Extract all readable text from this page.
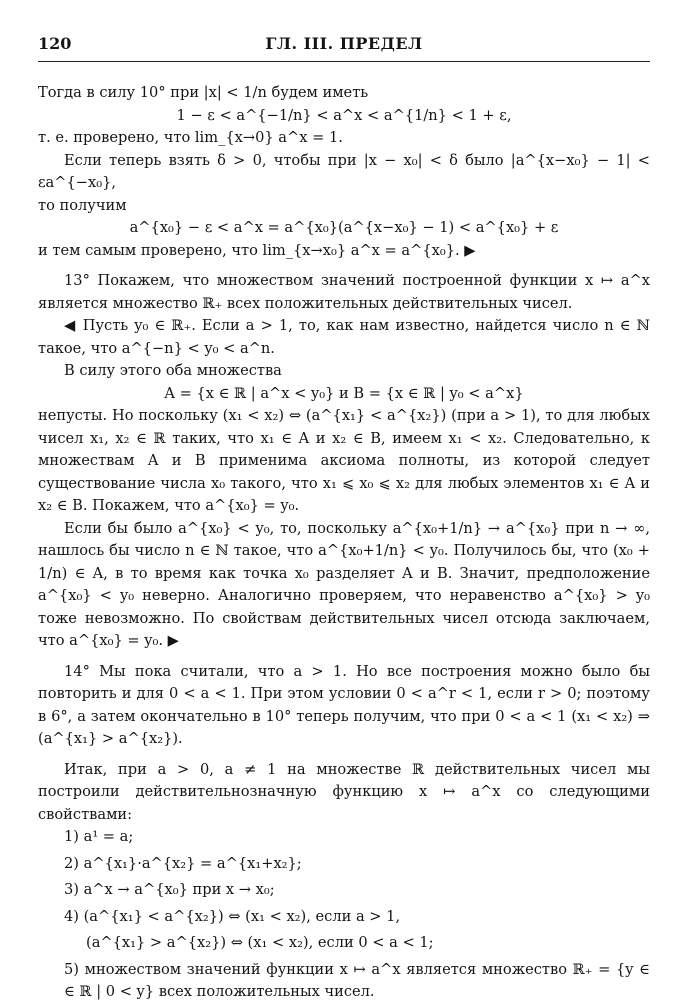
120	ГЛ. III. ПРЕДЕЛ

Тогда в силу 10° при |x| < 1/n будем иметь

1 − ε < a^{−1/n} < a^x < a^{1/n} < 1 + ε,

т. е. проверено, что lim_{x→0} a^x = 1.

Если теперь взять δ > 0, чтобы при |x − x₀| < δ было |a^{x−x₀} − 1| < εa^{−x₀},

то получим

a^{x₀} − ε < a^x = a^{x₀}(a^{x−x₀} − 1) < a^{x₀} + ε

и тем самым проверено, что lim_{x→x₀} a^x = a^{x₀}. ▶

13° Покажем, что множеством значений построенной функции x ↦ a^x является множество ℝ₊ всех положительных действительных чисел.

◀ Пусть y₀ ∈ ℝ₊. Если a > 1, то, как нам известно, найдется число n ∈ ℕ такое, что a^{−n} < y₀ < a^n.

В силу этого оба множества

A = {x ∈ ℝ | a^x < y₀} и B = {x ∈ ℝ | y₀ < a^x}

непусты. Но поскольку (x₁ < x₂) ⇔ (a^{x₁} < a^{x₂}) (при a > 1), то для любых чисел x₁, x₂ ∈ ℝ таких, что x₁ ∈ A и x₂ ∈ B, имеем x₁ < x₂. Следовательно, к множествам A и B применима аксиома полноты, из которой следует существование числа x₀ такого, что x₁ ⩽ x₀ ⩽ x₂ для любых элементов x₁ ∈ A и x₂ ∈ B. Покажем, что a^{x₀} = y₀.

Если бы было a^{x₀} < y₀, то, поскольку a^{x₀+1/n} → a^{x₀} при n → ∞, нашлось бы число n ∈ ℕ такое, что a^{x₀+1/n} < y₀. Получилось бы, что (x₀ + 1/n) ∈ A, в то время как точка x₀ разделяет A и B. Значит, предположение a^{x₀} < y₀ неверно. Аналогично проверяем, что неравенство a^{x₀} > y₀ тоже невозможно. По свойствам действительных чисел отсюда заключаем, что a^{x₀} = y₀. ▶

14° Мы пока считали, что a > 1. Но все построения можно было бы повторить и для 0 < a < 1. При этом условии 0 < a^r < 1, если r > 0; поэтому в 6°, а затем окончательно в 10° теперь получим, что при 0 < a < 1 (x₁ < x₂) ⇒ (a^{x₁} > a^{x₂}).

Итак, при a > 0, a ≠ 1 на множестве ℝ действительных чисел мы построили действительнозначную функцию x ↦ a^x со следующими свойствами:

1) a¹ = a;

2) a^{x₁}·a^{x₂} = a^{x₁+x₂};

3) a^x → a^{x₀} при x → x₀;

4) (a^{x₁} < a^{x₂}) ⇔ (x₁ < x₂), если a > 1,

(a^{x₁} > a^{x₂}) ⇔ (x₁ < x₂), если 0 < a < 1;

5) множеством значений функции x ↦ a^x является множество ℝ₊ = {y ∈ ∈ ℝ | 0 < y} всех положительных чисел.
